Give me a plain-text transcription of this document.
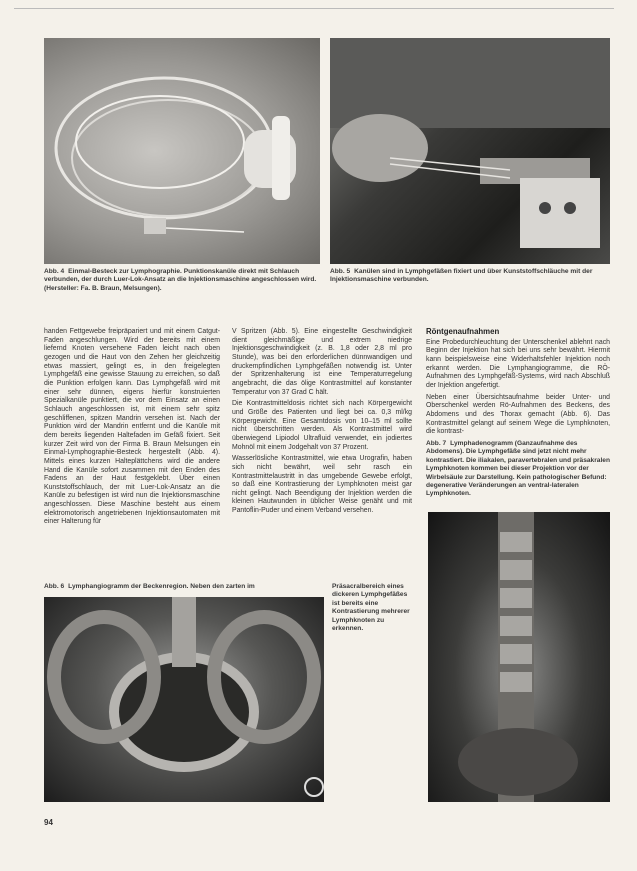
Abb. 4 Einmal-Besteck zur Lymphographie. Punktionskanüle direkt mit Schlauch verbunden, der durch Luer-Lok-Ansatz an die Injektionsmaschine angeschlossen wird. (Hersteller: Fa. B. Braun, Melsungen).
Abb. 5 Kanülen sind in Lymphgefäßen fixiert und über Kunststoffschläuche mit der Injektionsmaschine verbunden.

handen Fettgewebe freipräpariert und mit einem Catgut-Faden angeschlungen. Wird der bereits mit einem liefernd Knoten versehene Faden leicht nach oben gezogen und die Haut von den Zehen her gleichzeitig etwas massiert, gelingt es, in den freigelegten Lymphgefäß eine gewisse Stauung zu erreichen, so daß die Punktion erfolgen kann. Das Lymphgefäß wird mit einer sehr dünnen, eigens hierfür konstruierten Spezialkanüle punktiert, die vor dem Einsatz an einen Schlauch angeschlossen ist, mit einem sehr spitz geschliffenen, spitzen Mandrin versehen ist. Nach der Punktion wird der Mandrin entfernt und die Kanüle mit dem bereits liegenden Haltefaden im Gefäß fixiert. Seit kurzer Zeit wird von der Firma B. Braun Melsungen ein Einmal-Lymphographie-Besteck hergestellt (Abb. 4). Mittels eines kurzen Halteplättchens wird die andere Hand die Kanüle sofort zusammen mit den Enden des Fadens an der Haut festgeklebt. Über einen Kunststoffschlauch, der mit Luer-Lok-Ansatz an die Kanüle zu befestigen ist wird nun die Injektionsmaschine angeschlossen. Diese Maschine besteht aus einem elektromotorisch angetriebenen Injektionsautomaten mit einer Halterung für

V Spritzen (Abb. 5). Eine eingestellte Geschwindigkeit dient gleichmäßige und extrem niedrige Injektionsgeschwindigkeit (z. B. 1,8 oder 2,8 ml pro Stunde), was bei den erforderlichen dünnwandigen und druckempfindlichen Lymphgefäßen notwendig ist. Unter der Spritzenhalterung ist eine Temperaturregelung angebracht, die das ölige Kontrastmittel auf konstanter Temperatur von 37 Grad C hält.

Die Kontrastmitteldosis richtet sich nach Körpergewicht und Größe des Patienten und liegt bei ca. 0,3 ml/kg Körpergewicht. Eine Gesamtdosis von 10–15 ml sollte nicht überschritten werden. Als Kontrastmittel wird überwiegend Lipiodol Ultrafluid verwendet, ein jodiertes Mohnöl mit einem Jodgehalt von 37 Prozent.

Wasserlösliche Kontrastmittel, wie etwa Urografin, haben sich nicht bewährt, weil sehr rasch ein Kontrastmittelaustritt in das umgebende Gewebe erfolgt, so daß eine Kontrastierung der Lymphknoten meist gar nicht gelingt. Nach Beendigung der Injektion werden die kleinen Hautwunden in üblicher Weise genäht und mit Pantoflin-Puder und einem Verband versehen.

Röntgenaufnahmen

Eine Probedurchleuchtung der Unterschenkel ablehnt nach Beginn der Injektion hat sich bei uns sehr bewährt. Hiermit kann beispielsweise eine Widerhaltsfehler Injektion noch erkannt werden. Die Lymphangiogramme, die RÖ-Aufnahmen des Lymphgefäß-Systems, wird nach Abschluß der Injektion angefertigt.

Neben einer Übersichtsaufnahme beider Unter- und Oberschenkel werden Rö-Aufnahmen des Beckens, des Abdomens und des Thorax gemacht (Abb. 6). Das Kontrastmittel gelangt auf seinem Wege die Lymphknoten, die kontrast-

Abb. 7 Lymphadenogramm (Ganzaufnahme des Abdomens). Die Lymphgefäße sind jetzt nicht mehr kontrastiert. Die iliakalen, paravertebralen und präsakralen Lymphknoten kommen bei dieser Projektion vor der Wirbelsäule zur Darstellung. Kein pathologischer Befund: degenerative Veränderungen an ventral-lateralen Lymphknoten.
Abb. 6 Lymphangiogramm der Beckenregion. Neben den zarten im	Präsacralbereich eines dickeren Lymphgefäßes ist bereits eine Kontrastierung mehrerer Lymphknoten zu erkennen.
94
